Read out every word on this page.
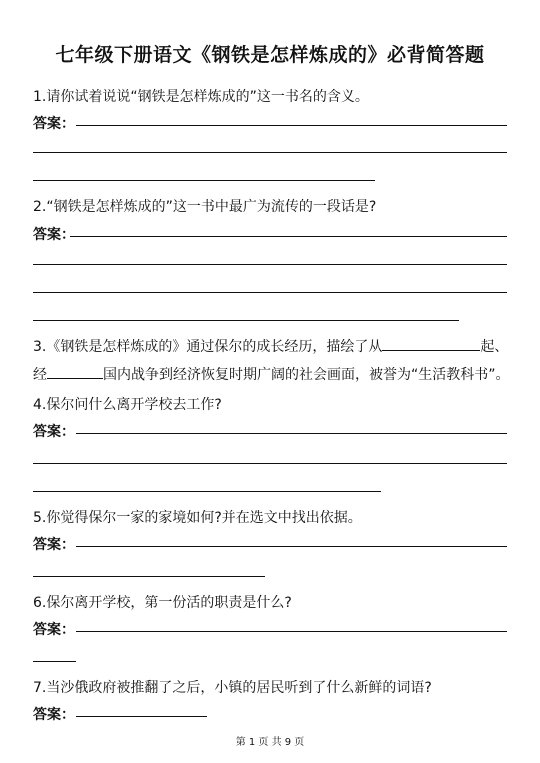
七年级下册语文《钢铁是怎样炼成的》必背简答题
1.请你试着说说“钢铁是怎样炼成的”这一书名的含义。
答案：
2.“钢铁是怎样炼成的”这一书中最广为流传的一段话是?
答案：
3.《钢铁是怎样炼成的》通过保尔的成长经历，描绘了从	起、
经	国内战争到经济恢复时期广阔的社会画面，被誉为“生活教科书”。
4.保尔问什么离开学校去工作?
答案：
5.你觉得保尔一家的家境如何?并在选文中找出依据。
答案：
6.保尔离开学校，第一份活的职责是什么?
答案：
7.当沙俄政府被推翻了之后，小镇的居民听到了什么新鲜的词语?
答案：
第 1 页 共 9 页
